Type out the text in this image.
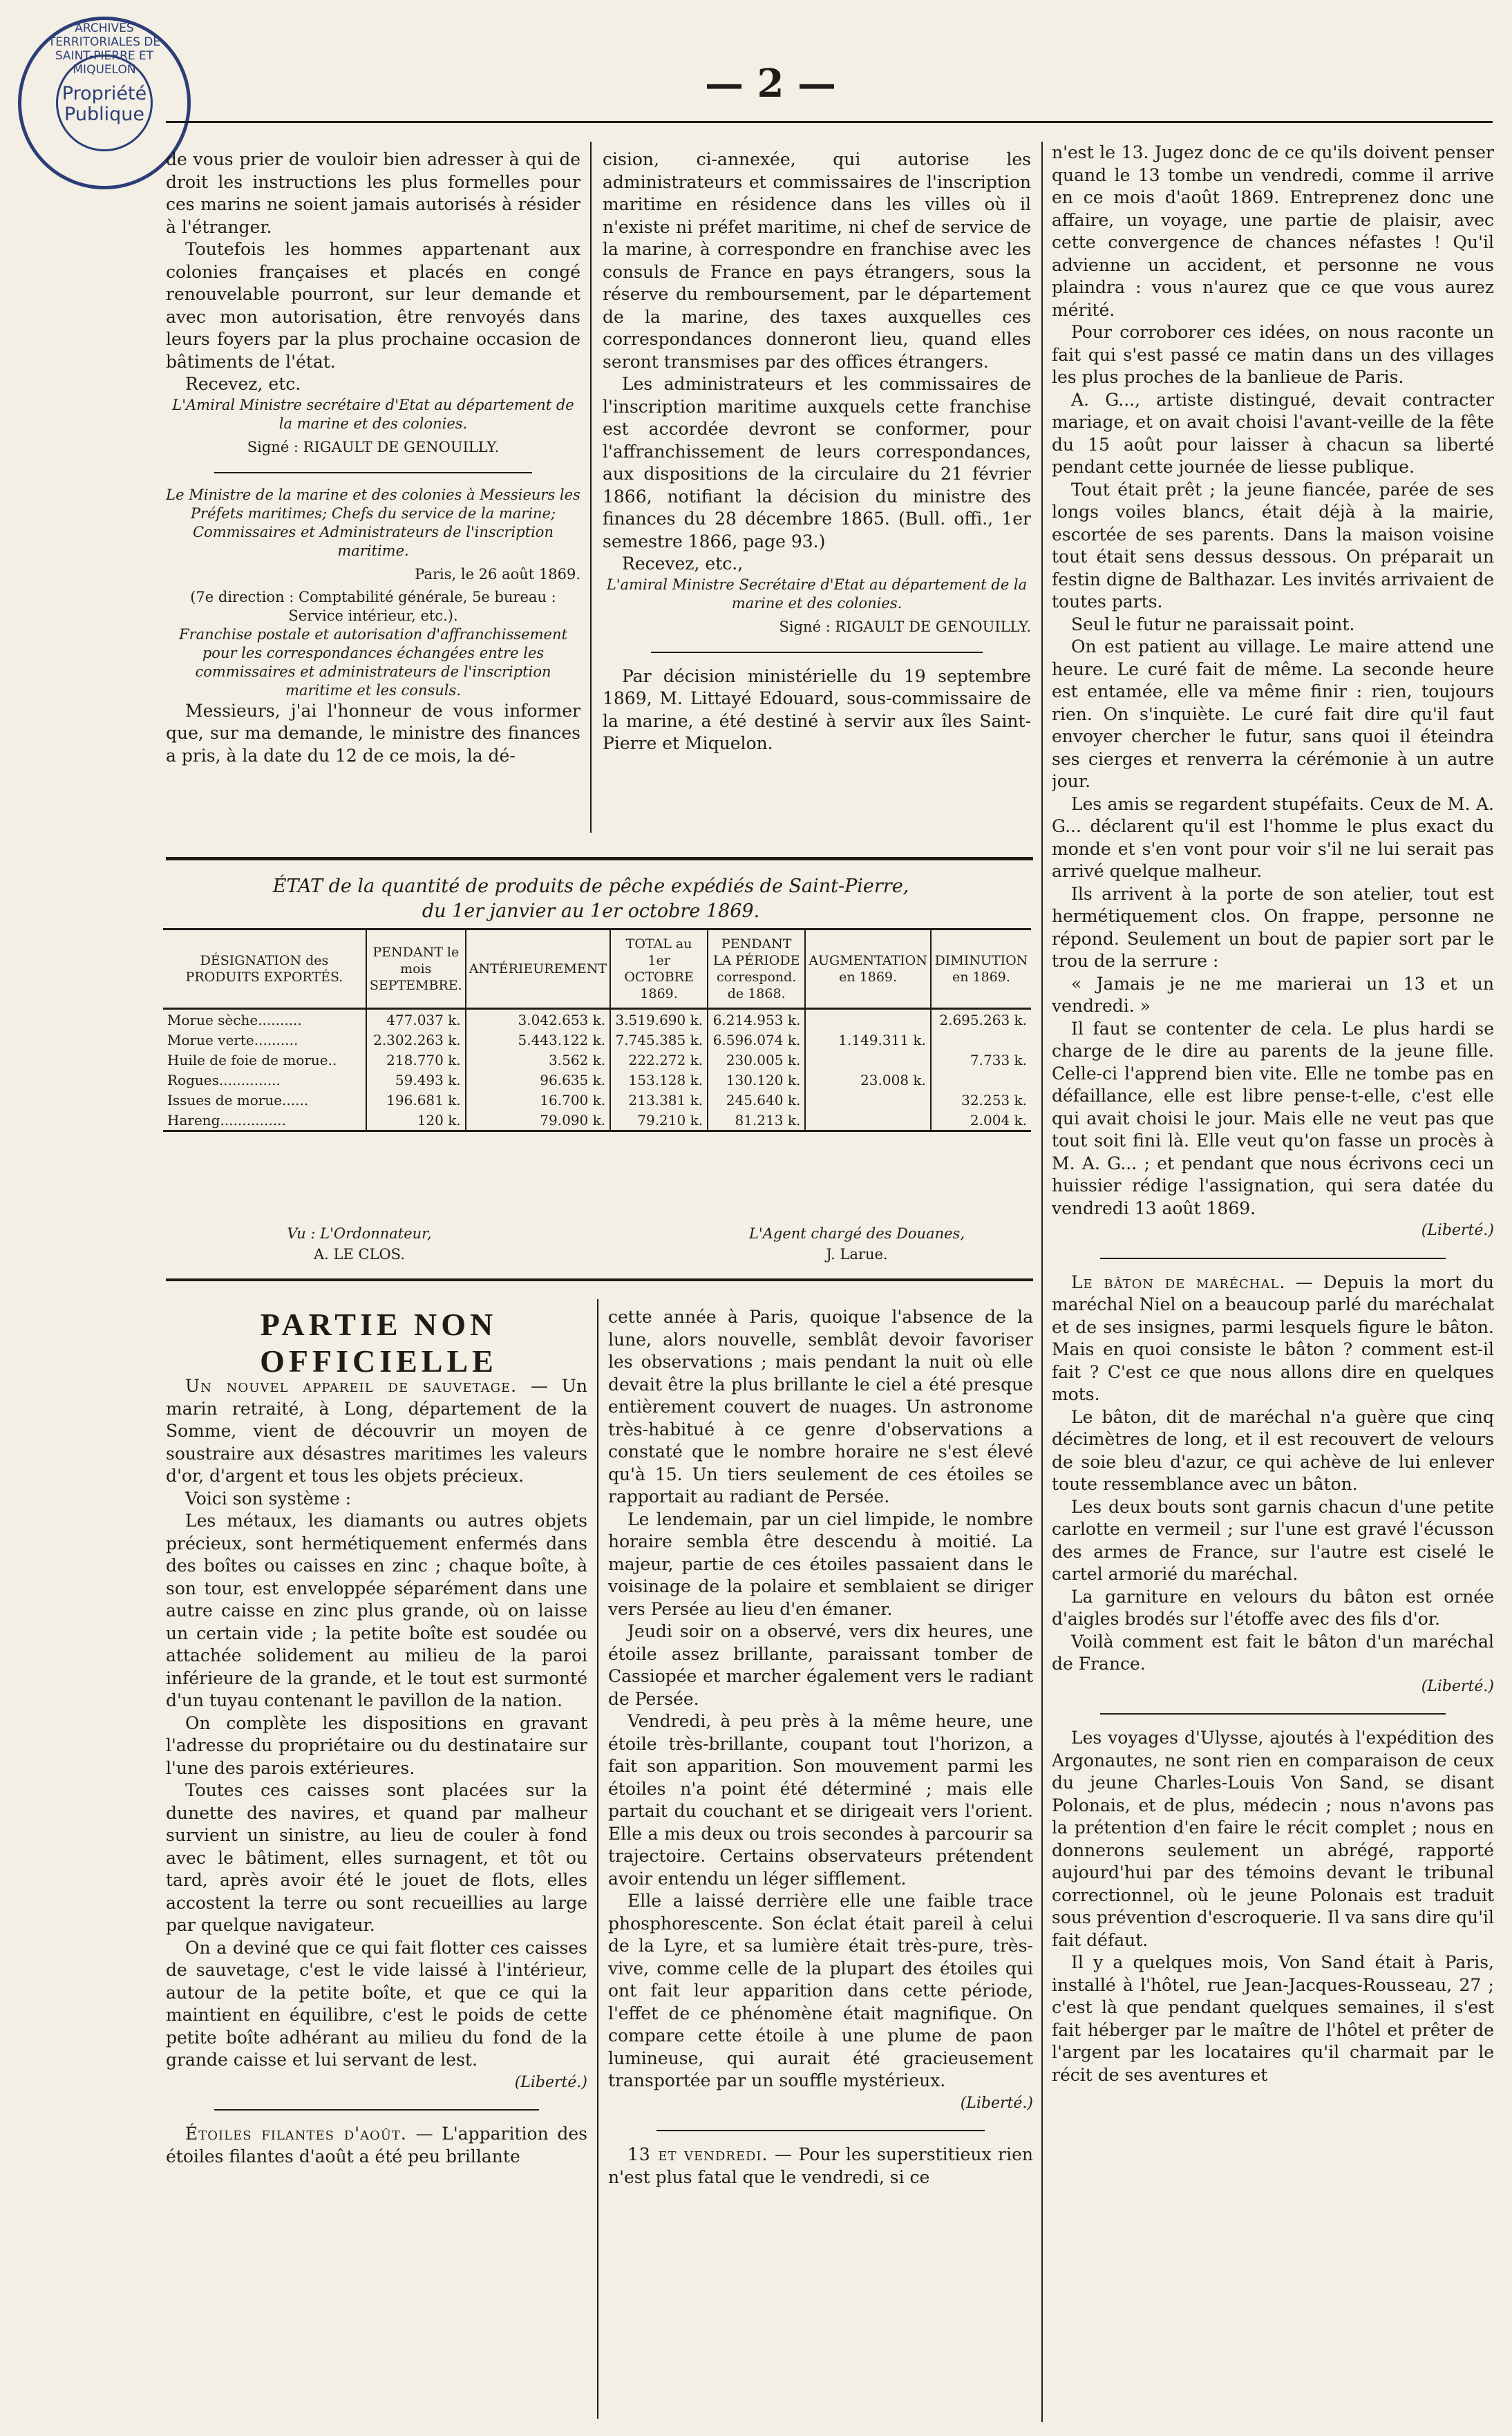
ARCHIVES TERRITORIALES DE SAINT-PIERRE ET MIQUELON
Propriété Publique
— 2 —

de vous prier de vouloir bien adresser à qui de droit les instructions les plus formelles pour ces marins ne soient jamais autorisés à résider à l'étranger.

Toutefois les hommes appartenant aux colonies françaises et placés en congé renouvelable pourront, sur leur demande et avec mon autorisation, être renvoyés dans leurs foyers par la plus prochaine occasion de bâtiments de l'état.

Recevez, etc.

L'Amiral Ministre secrétaire d'Etat au département de la marine et des colonies.
Signé : RIGAULT DE GENOUILLY.
Le Ministre de la marine et des colonies à Messieurs les Préfets maritimes; Chefs du service de la marine; Commissaires et Administrateurs de l'inscription maritime.
Paris, le 26 août 1869.
(7e direction : Comptabilité générale, 5e bureau : Service intérieur, etc.).
Franchise postale et autorisation d'affranchissement pour les correspondances échangées entre les commissaires et administrateurs de l'inscription maritime et les consuls.

Messieurs, j'ai l'honneur de vous informer que, sur ma demande, le ministre des finances a pris, à la date du 12 de ce mois, la dé-

cision, ci-annexée, qui autorise les administrateurs et commissaires de l'inscription maritime en résidence dans les villes où il n'existe ni préfet maritime, ni chef de service de la marine, à correspondre en franchise avec les consuls de France en pays étrangers, sous la réserve du remboursement, par le département de la marine, des taxes auxquelles ces correspondances donneront lieu, quand elles seront transmises par des offices étrangers.

Les administrateurs et les commissaires de l'inscription maritime auxquels cette franchise est accordée devront se conformer, pour l'affranchissement de leurs correspondances, aux dispositions de la circulaire du 21 février 1866, notifiant la décision du ministre des finances du 28 décembre 1865. (Bull. offi., 1er semestre 1866, page 93.)

Recevez, etc.,

L'amiral Ministre Secrétaire d'Etat au département de la marine et des colonies.
Signé : RIGAULT DE GENOUILLY.

Par décision ministérielle du 19 septembre 1869, M. Littayé Edouard, sous-commissaire de la marine, a été destiné à servir aux îles Saint-Pierre et Miquelon.

ÉTAT de la quantité de produits de pêche expédiés de Saint-Pierre,
du 1er janvier au 1er octobre 1869.
DÉSIGNATION des PRODUITS EXPORTÉS.	PENDANT le mois SEPTEMBRE.	ANTÉRIEUREMENT	TOTAL au 1er OCTOBRE 1869.	PENDANT LA PÉRIODE correspond. de 1868.	AUGMENTATION en 1869.	DIMINUTION en 1869.
Morue sèche..........	477.037 k.	3.042.653 k.	3.519.690 k.	6.214.953 k.		2.695.263 k.
Morue verte..........	2.302.263 k.	5.443.122 k.	7.745.385 k.	6.596.074 k.	1.149.311 k.	
Huile de foie de morue..	218.770 k.	3.562 k.	222.272 k.	230.005 k.		7.733 k.
Rogues..............	59.493 k.	96.635 k.	153.128 k.	130.120 k.	23.008 k.	
Issues de morue......	196.681 k.	16.700 k.	213.381 k.	245.640 k.		32.253 k.
Hareng...............	120 k.	79.090 k.	79.210 k.	81.213 k.		2.004 k.
Vu : L'Ordonnateur,
A. LE CLOS.
L'Agent chargé des Douanes,
J. Larue.
PARTIE NON OFFICIELLE

Un nouvel appareil de sauvetage. — Un marin retraité, à Long, département de la Somme, vient de découvrir un moyen de soustraire aux désastres maritimes les valeurs d'or, d'argent et tous les objets précieux.

Voici son système :

Les métaux, les diamants ou autres objets précieux, sont hermétiquement enfermés dans des boîtes ou caisses en zinc ; chaque boîte, à son tour, est enveloppée séparément dans une autre caisse en zinc plus grande, où on laisse un certain vide ; la petite boîte est soudée ou attachée solidement au milieu de la paroi inférieure de la grande, et le tout est surmonté d'un tuyau contenant le pavillon de la nation.

On complète les dispositions en gravant l'adresse du propriétaire ou du destinataire sur l'une des parois extérieures.

Toutes ces caisses sont placées sur la dunette des navires, et quand par malheur survient un sinistre, au lieu de couler à fond avec le bâtiment, elles surnagent, et tôt ou tard, après avoir été le jouet de flots, elles accostent la terre ou sont recueillies au large par quelque navigateur.

On a deviné que ce qui fait flotter ces caisses de sauvetage, c'est le vide laissé à l'intérieur, autour de la petite boîte, et que ce qui la maintient en équilibre, c'est le poids de cette petite boîte adhérant au milieu du fond de la grande caisse et lui servant de lest.

(Liberté.)

Étoiles filantes d'août. — L'apparition des étoiles filantes d'août a été peu brillante

cette année à Paris, quoique l'absence de la lune, alors nouvelle, semblât devoir favoriser les observations ; mais pendant la nuit où elle devait être la plus brillante le ciel a été presque entièrement couvert de nuages. Un astronome très-habitué à ce genre d'observations a constaté que le nombre horaire ne s'est élevé qu'à 15. Un tiers seulement de ces étoiles se rapportait au radiant de Persée.

Le lendemain, par un ciel limpide, le nombre horaire sembla être descendu à moitié. La majeur, partie de ces étoiles passaient dans le voisinage de la polaire et semblaient se diriger vers Persée au lieu d'en émaner.

Jeudi soir on a observé, vers dix heures, une étoile assez brillante, paraissant tomber de Cassiopée et marcher également vers le radiant de Persée.

Vendredi, à peu près à la même heure, une étoile très-brillante, coupant tout l'horizon, a fait son apparition. Son mouvement parmi les étoiles n'a point été déterminé ; mais elle partait du couchant et se dirigeait vers l'orient. Elle a mis deux ou trois secondes à parcourir sa trajectoire. Certains observateurs prétendent avoir entendu un léger sifflement.

Elle a laissé derrière elle une faible trace phosphorescente. Son éclat était pareil à celui de la Lyre, et sa lumière était très-pure, très-vive, comme celle de la plupart des étoiles qui ont fait leur apparition dans cette période, l'effet de ce phénomène était magnifique. On compare cette étoile à une plume de paon lumineuse, qui aurait été gracieusement transportée par un souffle mystérieux.

(Liberté.)

13 et vendredi. — Pour les superstitieux rien n'est plus fatal que le vendredi, si ce

n'est le 13. Jugez donc de ce qu'ils doivent penser quand le 13 tombe un vendredi, comme il arrive en ce mois d'août 1869. Entreprenez donc une affaire, un voyage, une partie de plaisir, avec cette convergence de chances néfastes ! Qu'il advienne un accident, et personne ne vous plaindra : vous n'aurez que ce que vous aurez mérité.

Pour corroborer ces idées, on nous raconte un fait qui s'est passé ce matin dans un des villages les plus proches de la banlieue de Paris.

A. G..., artiste distingué, devait contracter mariage, et on avait choisi l'avant-veille de la fête du 15 août pour laisser à chacun sa liberté pendant cette journée de liesse publique.

Tout était prêt ; la jeune fiancée, parée de ses longs voiles blancs, était déjà à la mairie, escortée de ses parents. Dans la maison voisine tout était sens dessus dessous. On préparait un festin digne de Balthazar. Les invités arrivaient de toutes parts.

Seul le futur ne paraissait point.

On est patient au village. Le maire attend une heure. Le curé fait de même. La seconde heure est entamée, elle va même finir : rien, toujours rien. On s'inquiète. Le curé fait dire qu'il faut envoyer chercher le futur, sans quoi il éteindra ses cierges et renverra la cérémonie à un autre jour.

Les amis se regardent stupéfaits. Ceux de M. A. G... déclarent qu'il est l'homme le plus exact du monde et s'en vont pour voir s'il ne lui serait pas arrivé quelque malheur.

Ils arrivent à la porte de son atelier, tout est hermétiquement clos. On frappe, personne ne répond. Seulement un bout de papier sort par le trou de la serrure :

« Jamais je ne me marierai un 13 et un vendredi. »

Il faut se contenter de cela. Le plus hardi se charge de le dire au parents de la jeune fille. Celle-ci l'apprend bien vite. Elle ne tombe pas en défaillance, elle est libre pense-t-elle, c'est elle qui avait choisi le jour. Mais elle ne veut pas que tout soit fini là. Elle veut qu'on fasse un procès à M. A. G... ; et pendant que nous écrivons ceci un huissier rédige l'assignation, qui sera datée du vendredi 13 août 1869.

(Liberté.)

Le bâton de maréchal. — Depuis la mort du maréchal Niel on a beaucoup parlé du maréchalat et de ses insignes, parmi lesquels figure le bâton. Mais en quoi consiste le bâton ? comment est-il fait ? C'est ce que nous allons dire en quelques mots.

Le bâton, dit de maréchal n'a guère que cinq décimètres de long, et il est recouvert de velours de soie bleu d'azur, ce qui achève de lui enlever toute ressemblance avec un bâton.

Les deux bouts sont garnis chacun d'une petite carlotte en vermeil ; sur l'une est gravé l'écusson des armes de France, sur l'autre est ciselé le cartel armorié du maréchal.

La garniture en velours du bâton est ornée d'aigles brodés sur l'étoffe avec des fils d'or.

Voilà comment est fait le bâton d'un maréchal de France.

(Liberté.)

Les voyages d'Ulysse, ajoutés à l'expédition des Argonautes, ne sont rien en comparaison de ceux du jeune Charles-Louis Von Sand, se disant Polonais, et de plus, médecin ; nous n'avons pas la prétention d'en faire le récit complet ; nous en donnerons seulement un abrégé, rapporté aujourd'hui par des témoins devant le tribunal correctionnel, où le jeune Polonais est traduit sous prévention d'escroquerie. Il va sans dire qu'il fait défaut.

Il y a quelques mois, Von Sand était à Paris, installé à l'hôtel, rue Jean-Jacques-Rousseau, 27 ; c'est là que pendant quelques semaines, il s'est fait héberger par le maître de l'hôtel et prêter de l'argent par les locataires qu'il charmait par le récit de ses aventures et
